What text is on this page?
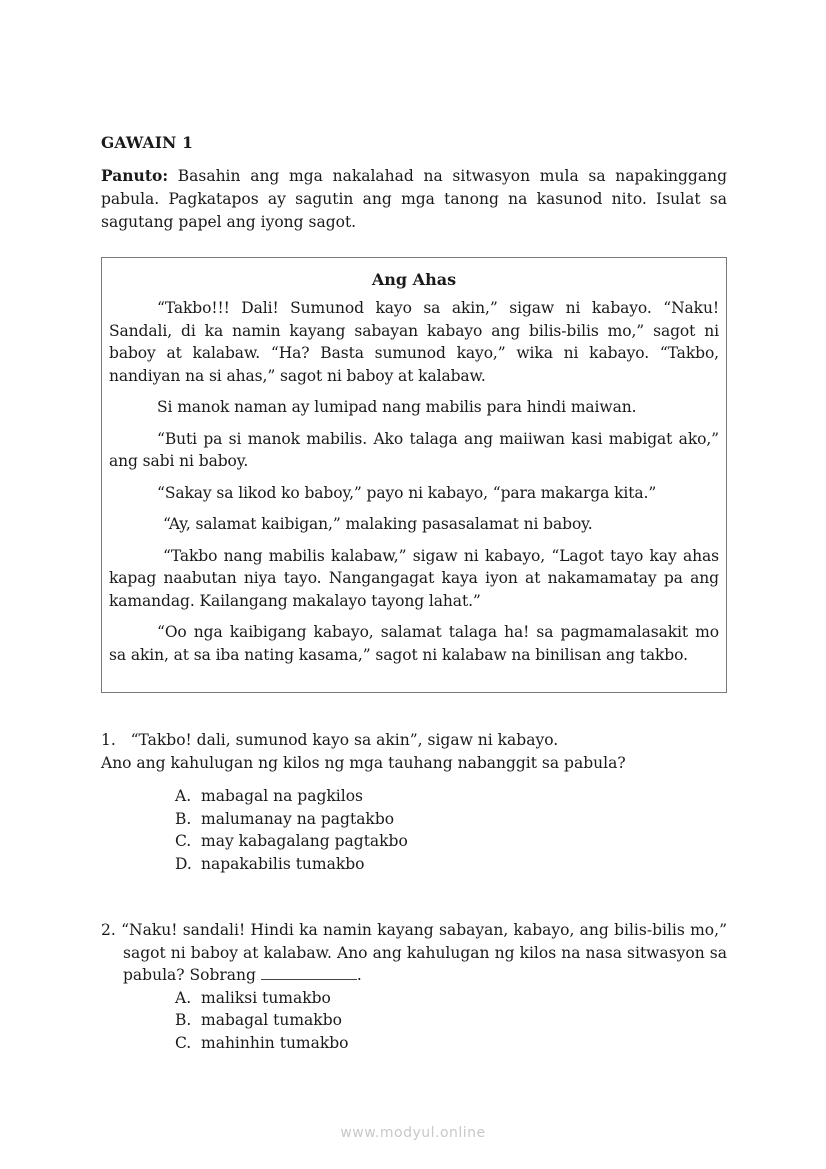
GAWAIN 1
Panuto: Basahin ang mga nakalahad na sitwasyon mula sa napakinggang pabula. Pagkatapos ay sagutin ang mga tanong na kasunod nito. Isulat sa sagutang papel ang iyong sagot.
Ang Ahas

“Takbo!!! Dali! Sumunod kayo sa akin,” sigaw ni kabayo. “Naku! Sandali, di ka namin kayang sabayan kabayo ang bilis-bilis mo,” sagot ni baboy at kalabaw. “Ha? Basta sumunod kayo,” wika ni kabayo. “Takbo, nandiyan na si ahas,” sagot ni baboy at kalabaw.

Si manok naman ay lumipad nang mabilis para hindi maiwan.

“Buti pa si manok mabilis. Ako talaga ang maiiwan kasi mabigat ako,” ang sabi ni baboy.

“Sakay sa likod ko baboy,” payo ni kabayo, “para makarga kita.”

“Ay, salamat kaibigan,” malaking pasasalamat ni baboy.

“Takbo nang mabilis kalabaw,” sigaw ni kabayo, “Lagot tayo kay ahas kapag naabutan niya tayo. Nangangagat kaya iyon at nakamamatay pa ang kamandag. Kailangang makalayo tayong lahat.”

“Oo nga kaibigang kabayo, salamat talaga ha! sa pagmamalasakit mo sa akin, at sa iba nating kasama,” sagot ni kalabaw na binilisan ang takbo.

1. “Takbo! dali, sumunod kayo sa akin”, sigaw ni kabayo.
Ano ang kahulugan ng kilos ng mga tauhang nabanggit sa pabula?
A. mabagal na pagkilos
B. malumanay na pagtakbo
C. may kabagalang pagtakbo
D. napakabilis tumakbo
2. “Naku! sandali! Hindi ka namin kayang sabayan, kabayo, ang bilis-bilis mo,” sagot ni baboy at kalabaw. Ano ang kahulugan ng kilos na nasa sitwasyon sa pabula? Sobrang	.
A. maliksi tumakbo
B. mabagal tumakbo
C. mahinhin tumakbo
www.modyul.online
